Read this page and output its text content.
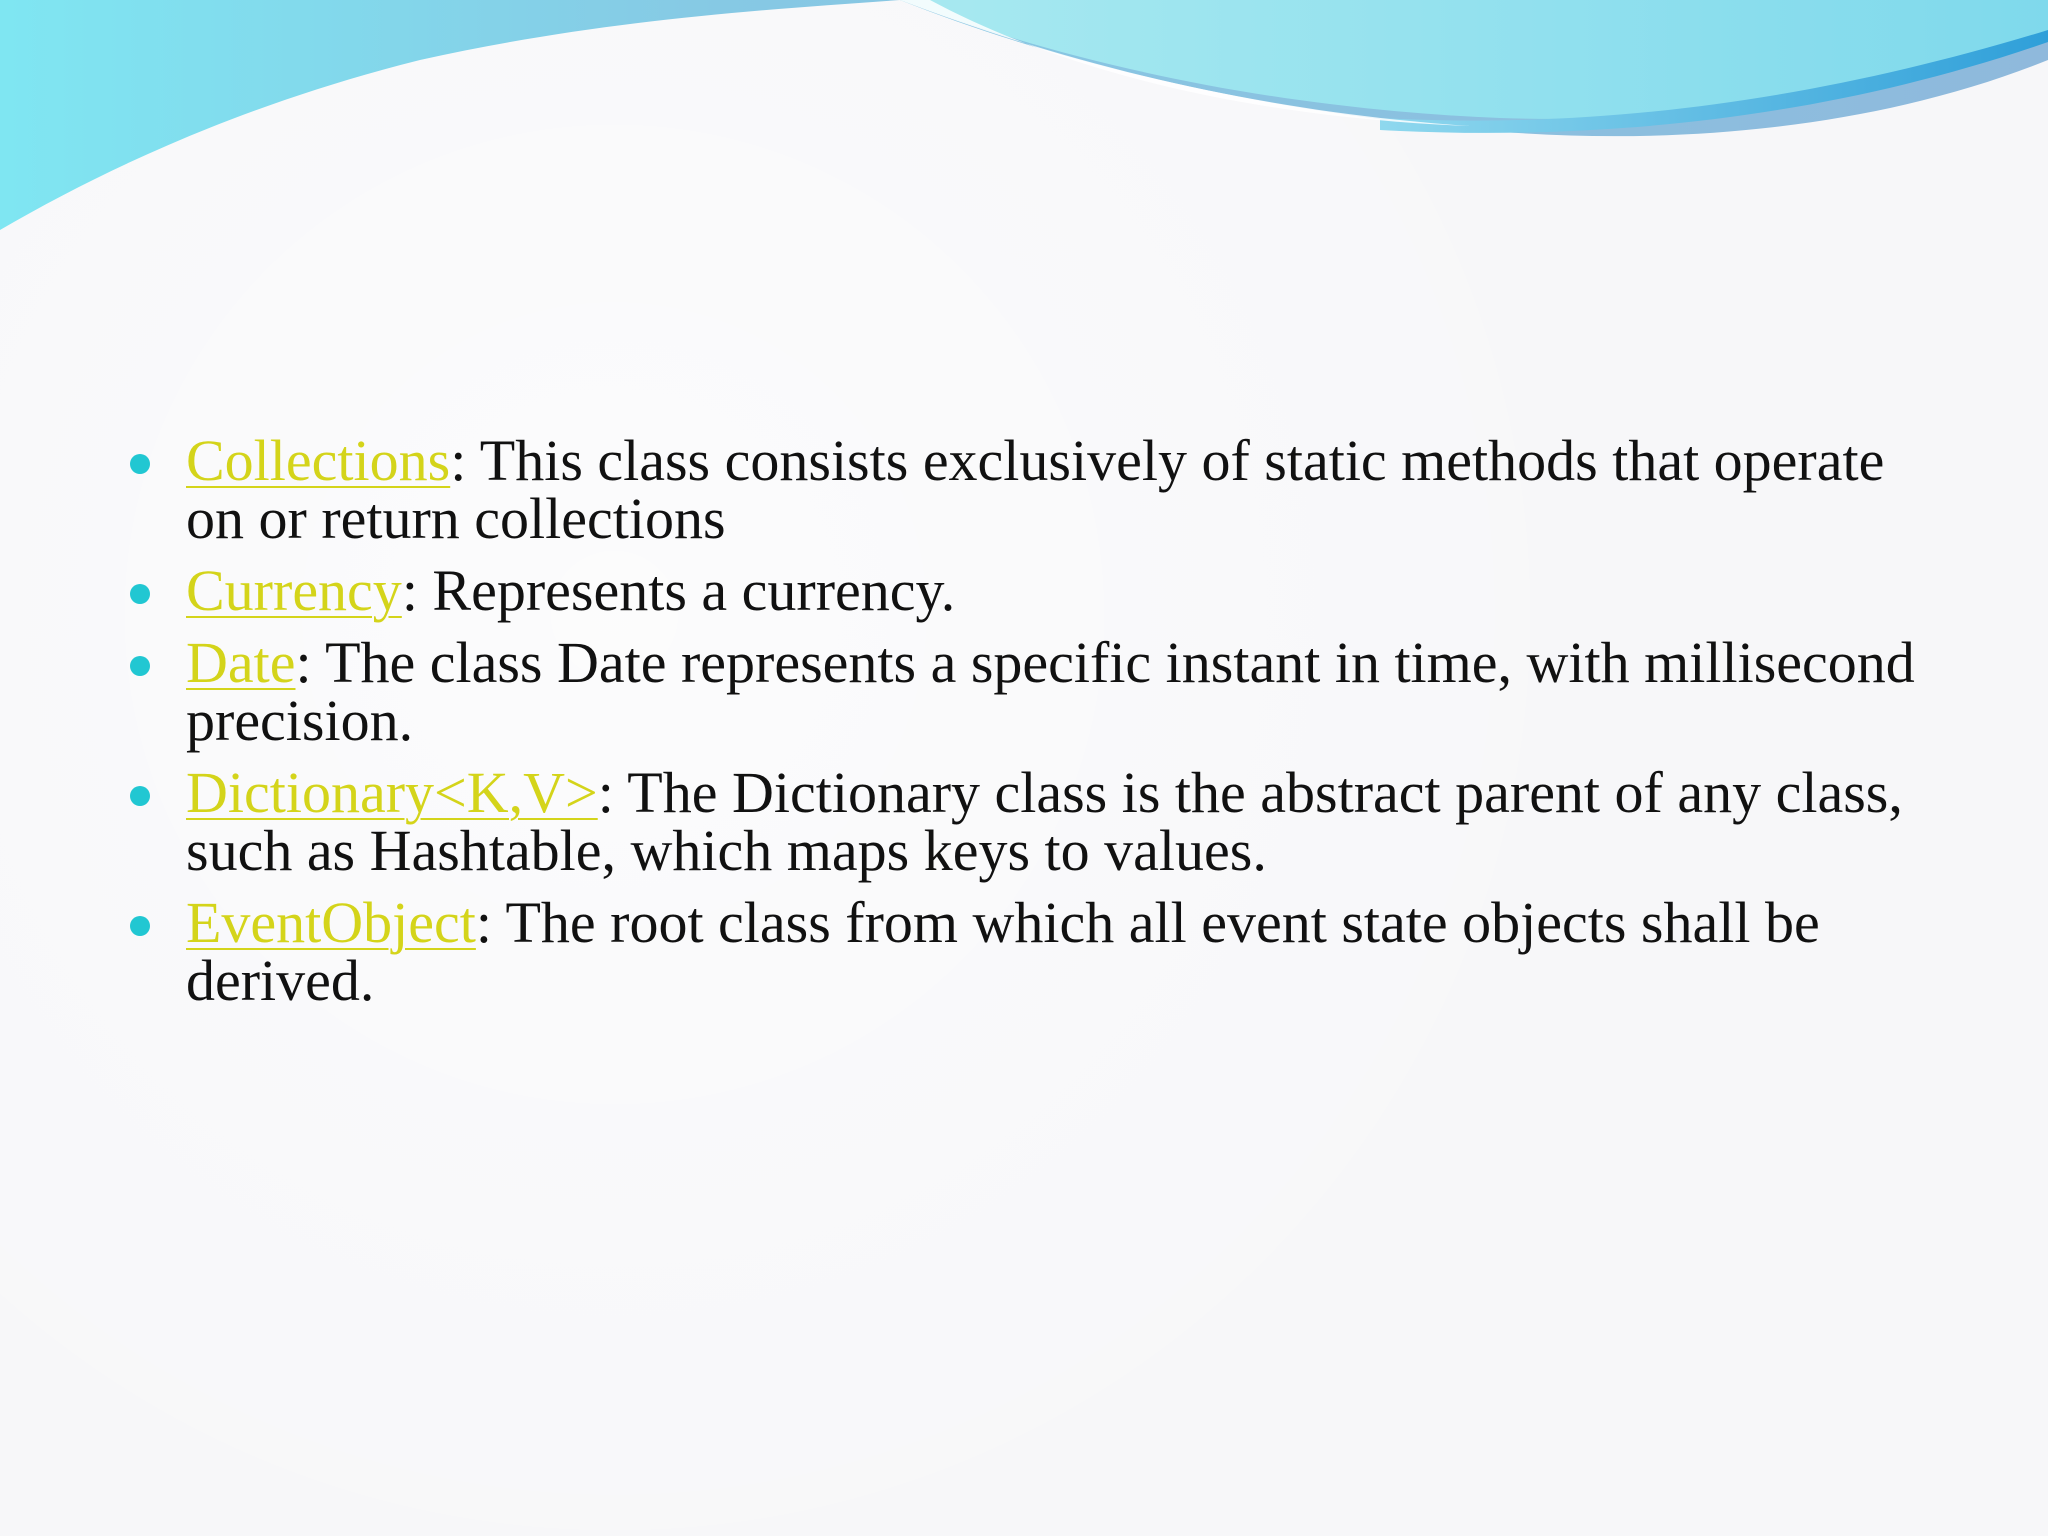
Collections: This class consists exclusively of static methods that operate on or return collections
Currency: Represents a currency.
Date: The class Date represents a specific instant in time, with millisecond precision.
Dictionary<K,V>: The Dictionary class is the abstract parent of any class, such as Hashtable, which maps keys to values.
EventObject: The root class from which all event state objects shall be derived.
